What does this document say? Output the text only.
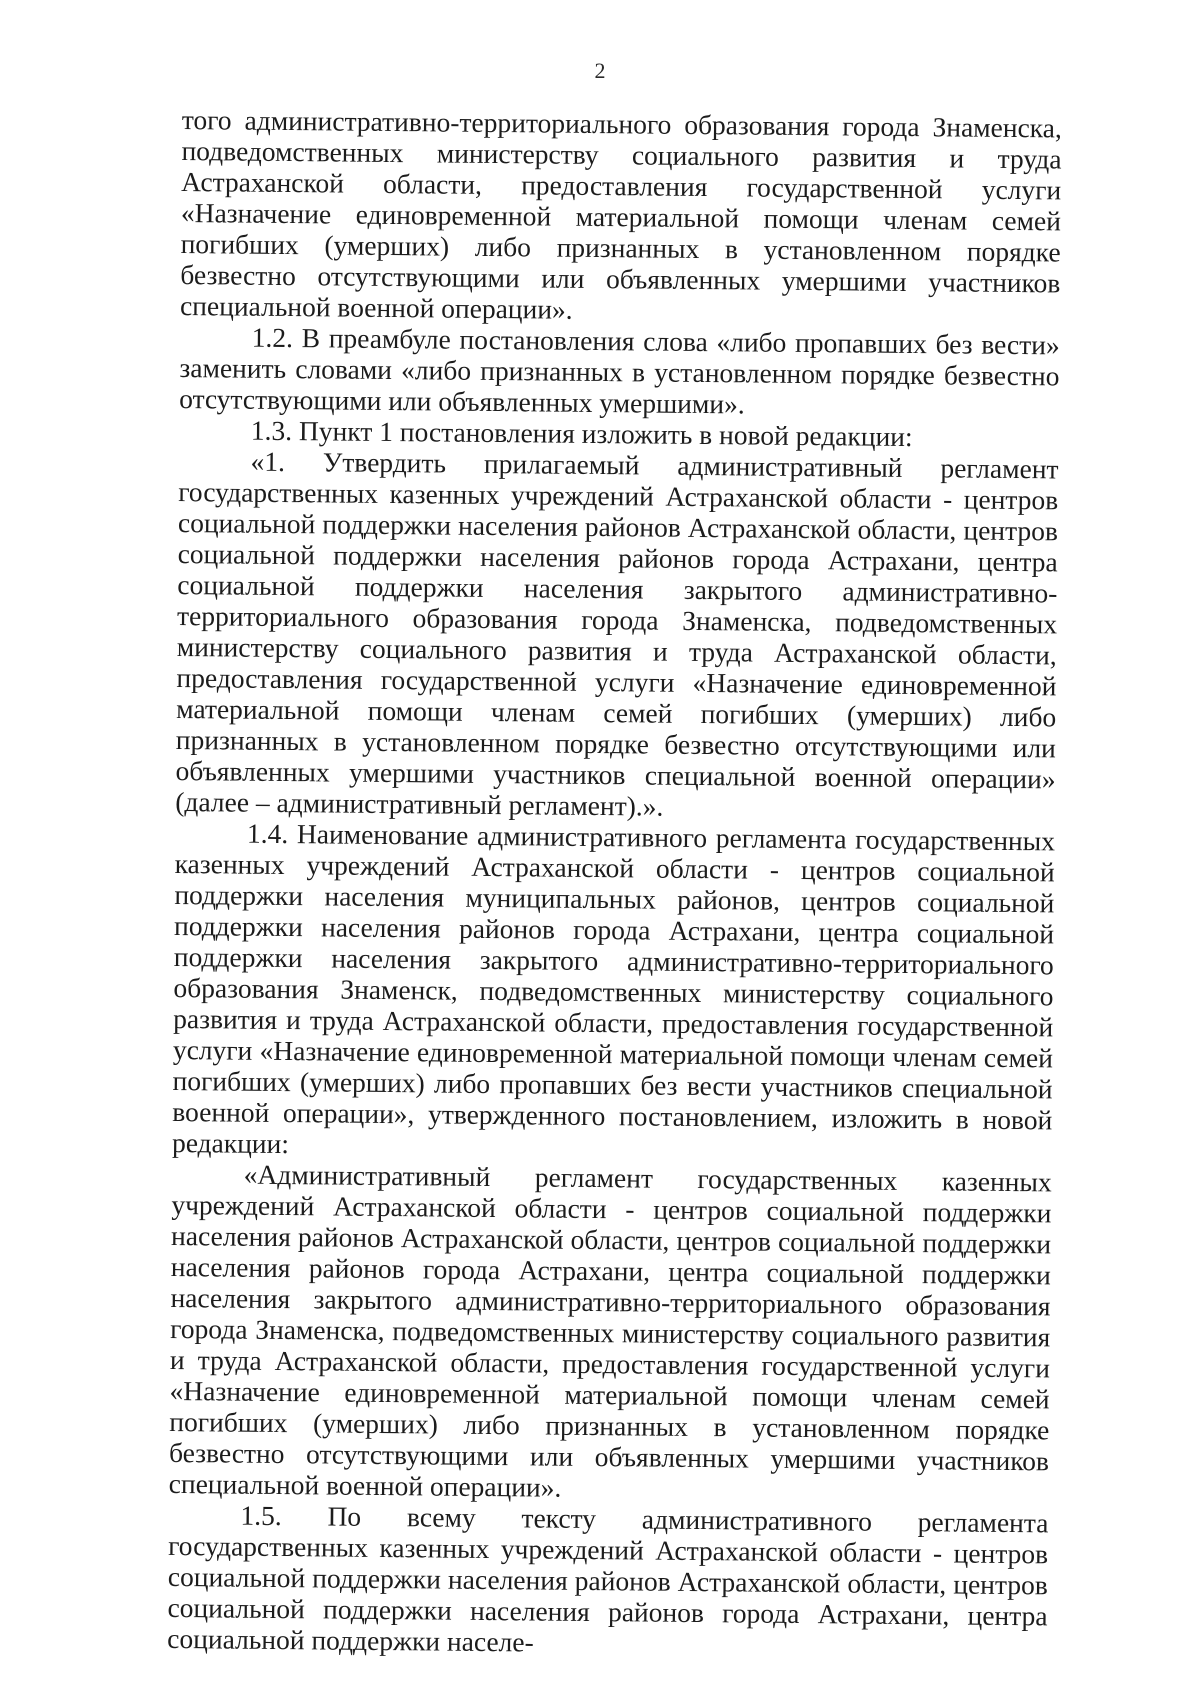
2

того административно-территориального образования города Знаменска, подведомственных министерству социального развития и труда Астраханской области, предоставления государственной услуги «Назначение единовременной материальной помощи членам семей погибших (умерших) либо признанных в установленном порядке безвестно отсутствующими или объявленных умершими участников специальной военной операции».

1.2. В преамбуле постановления слова «либо пропавших без вести» заменить словами «либо признанных в установленном порядке безвестно отсутствующими или объявленных умершими».

1.3. Пункт 1 постановления изложить в новой редакции:

«1. Утвердить прилагаемый административный регламент государственных казенных учреждений Астраханской области - центров социальной поддержки населения районов Астраханской области, центров социальной поддержки населения районов города Астрахани, центра социальной поддержки населения закрытого административно-территориального образования города Знаменска, подведомственных министерству социального развития и труда Астраханской области, предоставления государственной услуги «Назначение единовременной материальной помощи членам семей погибших (умерших) либо признанных в установленном порядке безвестно отсутствующими или объявленных умершими участников специальной военной операции» (далее – административный регламент).».

1.4. Наименование административного регламента государственных казенных учреждений Астраханской области - центров социальной поддержки населения муниципальных районов, центров социальной поддержки населения районов города Астрахани, центра социальной поддержки населения закрытого административно-территориального образования Знаменск, подведомственных министерству социального развития и труда Астраханской области, предоставления государственной услуги «Назначение единовременной материальной помощи членам семей погибших (умерших) либо пропавших без вести участников специальной военной операции», утвержденного постановлением, изложить в новой редакции:

«Административный регламент государственных казенных учреждений Астраханской области - центров социальной поддержки населения районов Астраханской области, центров социальной поддержки населения районов города Астрахани, центра социальной поддержки населения закрытого административно-территориального образования города Знаменска, подведомственных министерству социального развития и труда Астраханской области, предоставления государственной услуги «Назначение единовременной материальной помощи членам семей погибших (умерших) либо признанных в установленном порядке безвестно отсутствующими или объявленных умершими участников специальной военной операции».

1.5. По всему тексту административного регламента государственных казенных учреждений Астраханской области - центров социальной поддержки населения районов Астраханской области, центров социальной поддержки населения районов города Астрахани, центра социальной поддержки населе-
